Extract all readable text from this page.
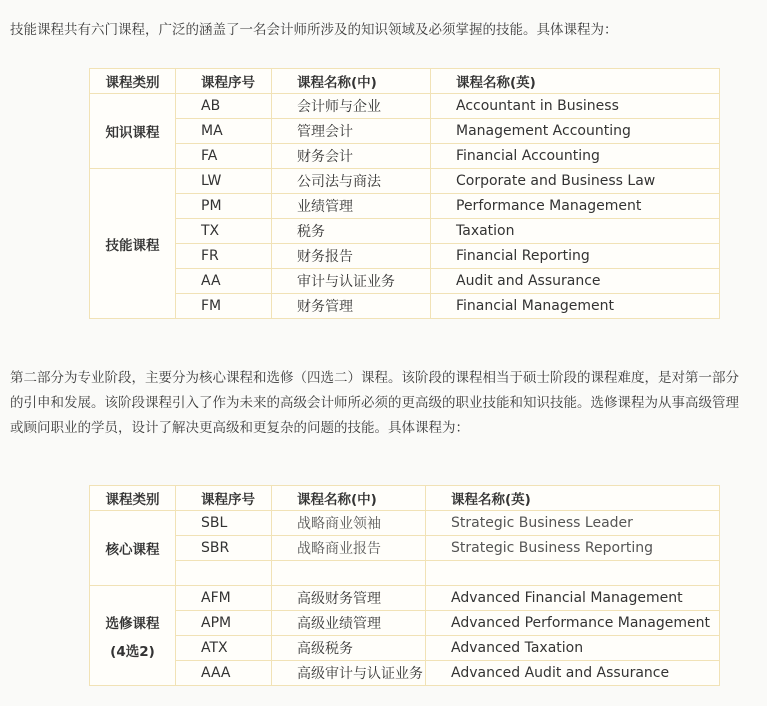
技能课程共有六门课程，广泛的涵盖了一名会计师所涉及的知识领域及必须掌握的技能。具体课程为：
课程类别	课程序号	课程名称(中)	课程名称(英)

知识课程	AB	会计师与企业	Accountant in Business
	MA	管理会计	Management Accounting
	FA	财务会计	Financial Accounting

技能课程	LW	公司法与商法	Corporate and Business Law
	PM	业绩管理	Performance Management
	TX	税务	Taxation
	FR	财务报告	Financial Reporting
	AA	审计与认证业务	Audit and Assurance
	FM	财务管理	Financial Management
第二部分为专业阶段，主要分为核心课程和选修（四选二）课程。该阶段的课程相当于硕士阶段的课程难度，是对第一部分
的引申和发展。该阶段课程引入了作为未来的高级会计师所必须的更高级的职业技能和知识技能。选修课程为从事高级管理
或顾问职业的学员，设计了解决更高级和更复杂的问题的技能。具体课程为：
课程类别	课程序号	课程名称(中)	课程名称(英)

核心课程	SBL	战略商业领袖	Strategic Business Leader
	SBR	战略商业报告	Strategic Business Reporting

选修课程
(4选2)	AFM	高级财务管理	Advanced Financial Management
	APM	高级业绩管理	Advanced Performance Management
	ATX	高级税务	Advanced Taxation
	AAA	高级审计与认证业务	Advanced Audit and Assurance
